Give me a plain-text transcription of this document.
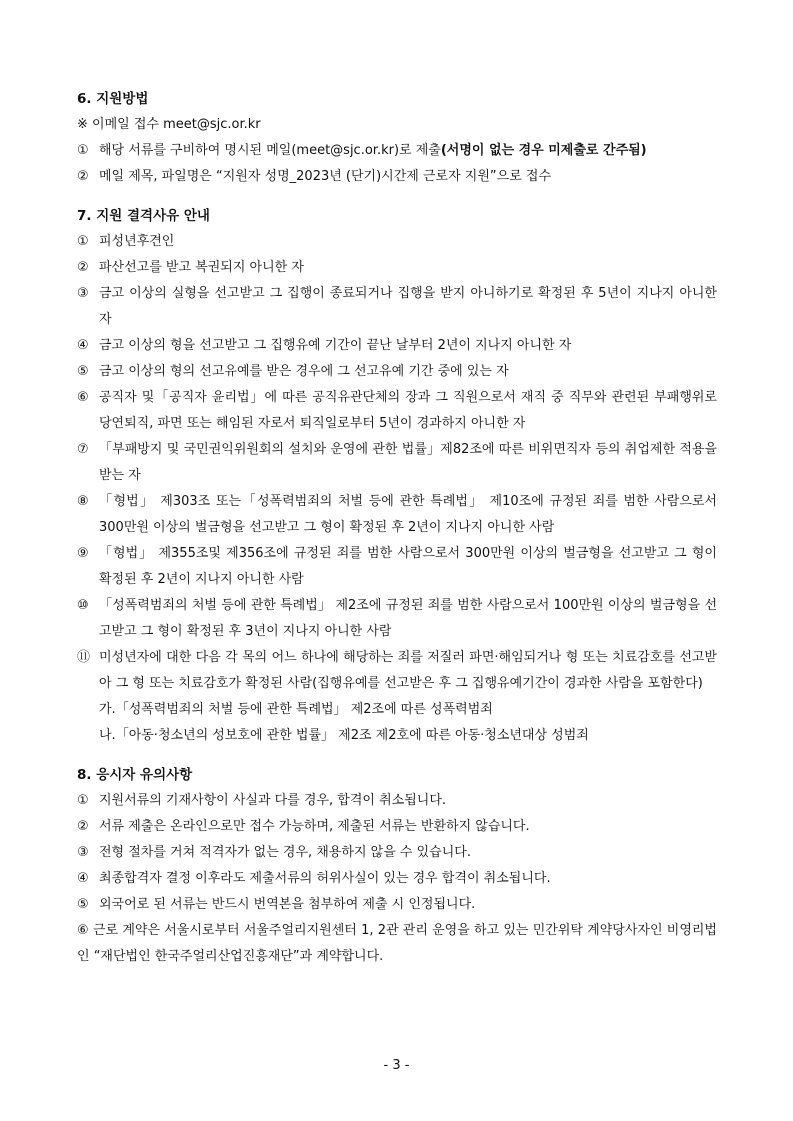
6. 지원방법
※ 이메일 접수 meet@sjc.or.kr
① 해당 서류를 구비하여 명시된 메일(meet@sjc.or.kr)로 제출(서명이 없는 경우 미제출로 간주됨)
② 메일 제목, 파일명은 “지원자 성명_2023년 (단기)시간제 근로자 지원”으로 접수
7. 지원 결격사유 안내
① 피성년후견인
② 파산선고를 받고 복권되지 아니한 자
③ 금고 이상의 실형을 선고받고 그 집행이 종료되거나 집행을 받지 아니하기로 확정된 후 5년이 지나지 아니한 자
④ 금고 이상의 형을 선고받고 그 집행유예 기간이 끝난 날부터 2년이 지나지 아니한 자
⑤ 금고 이상의 형의 선고유예를 받은 경우에 그 선고유예 기간 중에 있는 자
⑥ 공직자 및「공직자 윤리법」에 따른 공직유관단체의 장과 그 직원으로서 재직 중 직무와 관련된 부패행위로 당연퇴직, 파면 또는 해임된 자로서 퇴직일로부터 5년이 경과하지 아니한 자
⑦ 「부패방지 및 국민권익위원회의 설치와 운영에 관한 법률」제82조에 따른 비위면직자 등의 취업제한 적용을 받는 자
⑧ 「형법」 제303조 또는「성폭력범죄의 처벌 등에 관한 특례법」 제10조에 규정된 죄를 범한 사람으로서 300만원 이상의 벌금형을 선고받고 그 형이 확정된 후 2년이 지나지 아니한 사람
⑨ 「형법」 제355조및 제356조에 규정된 죄를 범한 사람으로서 300만원 이상의 벌금형을 선고받고 그 형이 확정된 후 2년이 지나지 아니한 사람
⑩ 「성폭력범죄의 처벌 등에 관한 특례법」 제2조에 규정된 죄를 범한 사람으로서 100만원 이상의 벌금형을 선고받고 그 형이 확정된 후 3년이 지나지 아니한 사람
⑪ 미성년자에 대한 다음 각 목의 어느 하나에 해당하는 죄를 저질러 파면·해임되거나 형 또는 치료감호를 선고받아 그 형 또는 치료감호가 확정된 사람(집행유예를 선고받은 후 그 집행유예기간이 경과한 사람을 포함한다)
가.「성폭력범죄의 처벌 등에 관한 특례법」 제2조에 따른 성폭력범죄
나.「아동·청소년의 성보호에 관한 법률」 제2조 제2호에 따른 아동·청소년대상 성범죄
8. 응시자 유의사항
① 지원서류의 기재사항이 사실과 다를 경우, 합격이 취소됩니다.
② 서류 제출은 온라인으로만 접수 가능하며, 제출된 서류는 반환하지 않습니다.
③ 전형 절차를 거쳐 적격자가 없는 경우, 채용하지 않을 수 있습니다.
④ 최종합격자 결정 이후라도 제출서류의 허위사실이 있는 경우 합격이 취소됩니다.
⑤ 외국어로 된 서류는 반드시 번역본을 첨부하여 제출 시 인정됩니다.
⑥ 근로 계약은 서울시로부터 서울주얼리지원센터 1, 2관 관리 운영을 하고 있는 민간위탁 계약당사자인 비영리법인 “재단법인 한국주얼리산업진흥재단”과 계약합니다.
- 3 -
